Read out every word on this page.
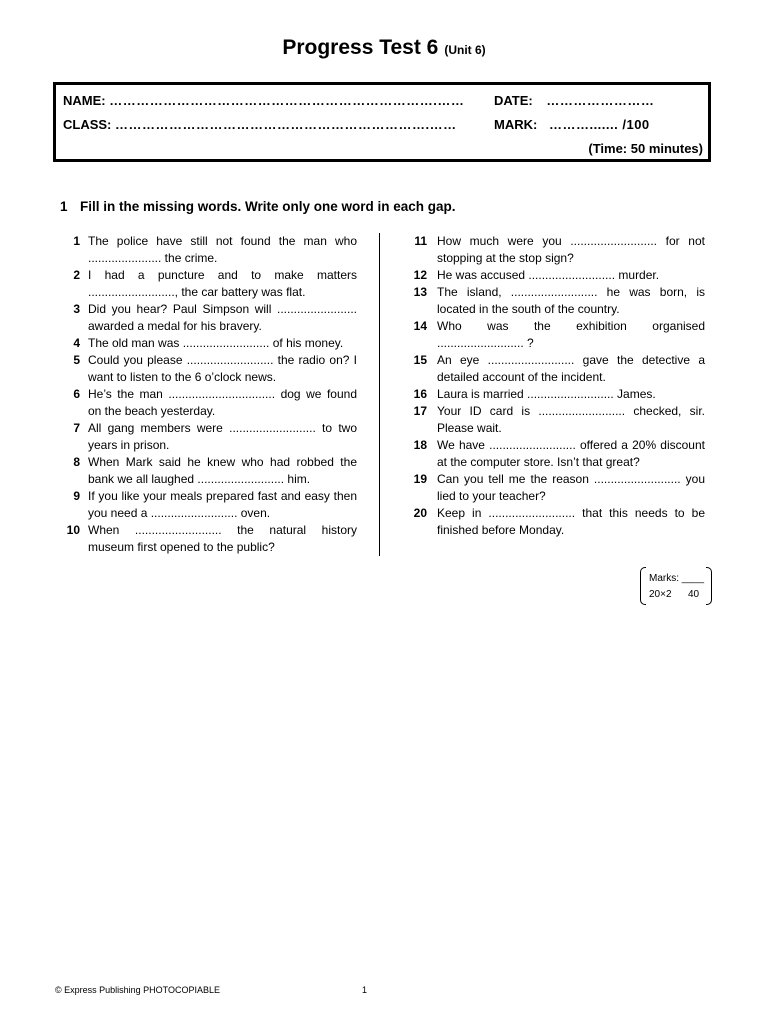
Progress Test 6 (Unit 6)
NAME: ……………………………………………………………….…… DATE: ……………………
CLASS: …………………………………………………………….……	MARK: ………....... /100
(Time: 50 minutes)
1 Fill in the missing words. Write only one word in each gap.
1 The police have still not found the man who ...................... the crime.
2 I had a puncture and to make matters .........................., the car battery was flat.
3 Did you hear? Paul Simpson will ........................ awarded a medal for his bravery.
4 The old man was .......................... of his money.
5 Could you please .......................... the radio on? I want to listen to the 6 o’clock news.
6 He’s the man ................................ dog we found on the beach yesterday.
7 All gang members were .......................... to two years in prison.
8 When Mark said he knew who had robbed the bank we all laughed .......................... him.
9 If you like your meals prepared fast and easy then you need a .......................... oven.
10 When .......................... the natural history museum first opened to the public?
11 How much were you .......................... for not stopping at the stop sign?
12 He was accused .......................... murder.
13 The island, .......................... he was born, is located in the south of the country.
14 Who was the exhibition organised .......................... ?
15 An eye .......................... gave the detective a detailed account of the incident.
16 Laura is married .......................... James.
17 Your ID card is .......................... checked, sir. Please wait.
18 We have .......................... offered a 20% discount at the computer store. Isn’t that great?
19 Can you tell me the reason .......................... you lied to your teacher?
20 Keep in .......................... that this needs to be finished before Monday.
Marks: ____
20×2 40
© Express Publishing PHOTOCOPIABLE	1
